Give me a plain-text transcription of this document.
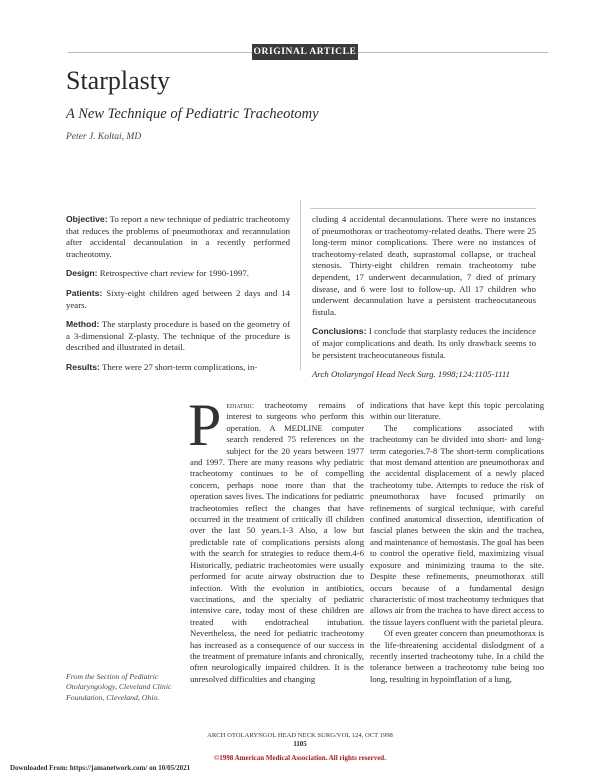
ORIGINAL ARTICLE
Starplasty
A New Technique of Pediatric Tracheotomy
Peter J. Koltai, MD

Objective: To report a new technique of pediatric tracheotomy that reduces the problems of pneumothorax and recannulation after accidental decannulation in a recently performed tracheotomy.

Design: Retrospective chart review for 1990-1997.

Patients: Sixty-eight children aged between 2 days and 14 years.

Method: The starplasty procedure is based on the geometry of a 3-dimensional Z-plasty. The technique of the procedure is described and illustrated in detail.

Results: There were 27 short-term complications, in-

cluding 4 accidental decannulations. There were no instances of pneumothorax or tracheotomy-related deaths. There were 25 long-term minor complications. There were no instances of tracheotomy-related death, suprastomal collapse, or tracheal stenosis. Thirty-eight children remain tracheotomy tube dependent, 17 underwent decannulation, 7 died of primary disease, and 6 were lost to follow-up. All 17 children who underwent decannulation have a persistent tracheocutaneous fistula.

Conclusions: I conclude that starplasty reduces the incidence of major complications and death. Its only drawback seems to be persistent tracheocutaneous fistula.

Arch Otolaryngol Head Neck Surg. 1998;124:1105-1111

Pediatric tracheotomy remains of interest to surgeons who perform this operation. A MEDLINE computer search rendered 75 references on the subject for the 20 years between 1977 and 1997. There are many reasons why pediatric tracheotomy continues to be of compelling concern, perhaps none more than that the operation saves lives. The indications for pediatric tracheotomies reflect the changes that have occurred in the treatment of critically ill children over the last 50 years.1-3 Also, a low but predictable rate of complications persists along with the search for strategies to reduce them.4-6 Historically, pediatric tracheotomies were usually performed for acute airway obstruction due to infection. With the evolution in antibiotics, vaccinations, and the specialty of pediatric intensive care, today most of these children are treated with endotracheal intubation. Nevertheless, the need for pediatric tracheotomy has increased as a consequence of our success in the treatment of premature infants and chronically, often neurologically impaired children. It is the unresolved difficulties and changing

indications that have kept this topic percolating within our literature.

The complications associated with tracheotomy can be divided into short- and long-term categories.7-8 The short-term complications that most demand attention are pneumothorax and the accidental displacement of a newly placed tracheotomy tube. Attempts to reduce the risk of pneumothorax have focused primarily on refinements of surgical technique, with careful confined anatomical dissection, identification of fascial planes between the skin and the trachea, and maintenance of hemostasis. The goal has been to control the operative field, maximizing visual exposure and minimizing trauma to the site. Despite these refinements, pneumothorax still occurs because of a fundamental design characteristic of most tracheotomy techniques that allows air from the trachea to have direct access to the tissue layers confluent with the parietal pleura.

Of even greater concern than pneumothorax is the life-threatening accidental dislodgment of a recently inserted tracheotomy tube. In a child the tolerance between a tracheotomy tube being too long, resulting in hypoinflation of a lung,

From the Section of Pediatric Otolaryngology, Cleveland Clinic Foundation, Cleveland, Ohio.
ARCH OTOLARYNGOL HEAD NECK SURG/VOL 124, OCT 1998
1105
©1998 American Medical Association. All rights reserved.
Downloaded From: https://jamanetwork.com/ on 10/05/2021
